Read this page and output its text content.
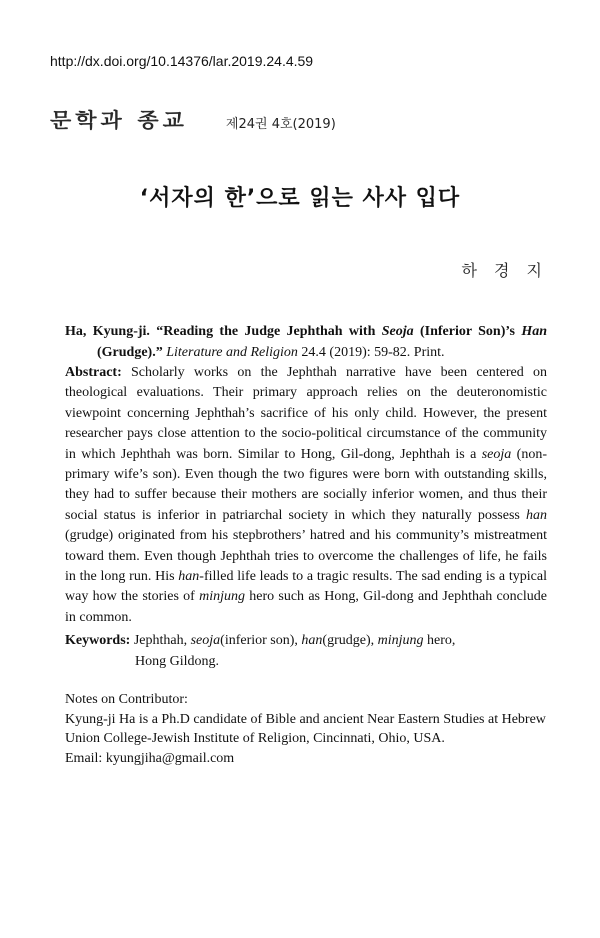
http://dx.doi.org/10.14376/lar.2019.24.4.59
문학과 종교	제24권 4호(2019)
‘서자의 한’으로 읽는 사사 입다
하 경 지
Ha, Kyung-ji. “Reading the Judge Jephthah with Seoja (Inferior Son)’s Han (Grudge).” Literature and Religion 24.4 (2019): 59-82. Print.
Abstract: Scholarly works on the Jephthah narrative have been centered on theological evaluations. Their primary approach relies on the deuteronomistic viewpoint concerning Jephthah’s sacrifice of his only child. However, the present researcher pays close attention to the socio-political circumstance of the community in which Jephthah was born. Similar to Hong, Gil-dong, Jephthah is a seoja (non-primary wife’s son). Even though the two figures were born with outstanding skills, they had to suffer because their mothers are socially inferior women, and thus their social status is inferior in patriarchal society in which they naturally possess han (grudge) originated from his stepbrothers’ hatred and his community’s mistreatment toward them. Even though Jephthah tries to overcome the challenges of life, he fails in the long run. His han-filled life leads to a tragic results. The sad ending is a typical way how the stories of minjung hero such as Hong, Gil-dong and Jephthah conclude in common.
Keywords: Jephthah, seoja(inferior son), han(grudge), minjung hero,
Hong Gildong.
Notes on Contributor:
Kyung-ji Ha is a Ph.D candidate of Bible and ancient Near Eastern Studies at Hebrew Union College-Jewish Institute of Religion, Cincinnati, Ohio, USA.
Email: kyungjiha@gmail.com
